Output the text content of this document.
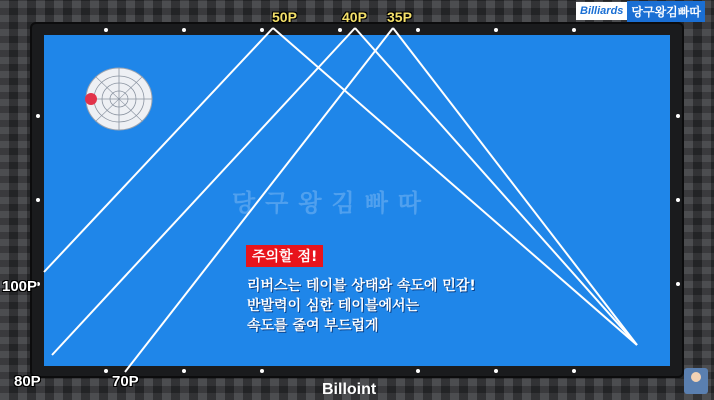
당구왕김빠따
50P	40P 35P
100P
80P	70P
주의할 점!
리버스는 테이블 상태와 속도에 민감!
반발력이 심한 테이블에서는
속도를 줄여 부드럽게
Billiards 당구왕김빠따
Billoint
